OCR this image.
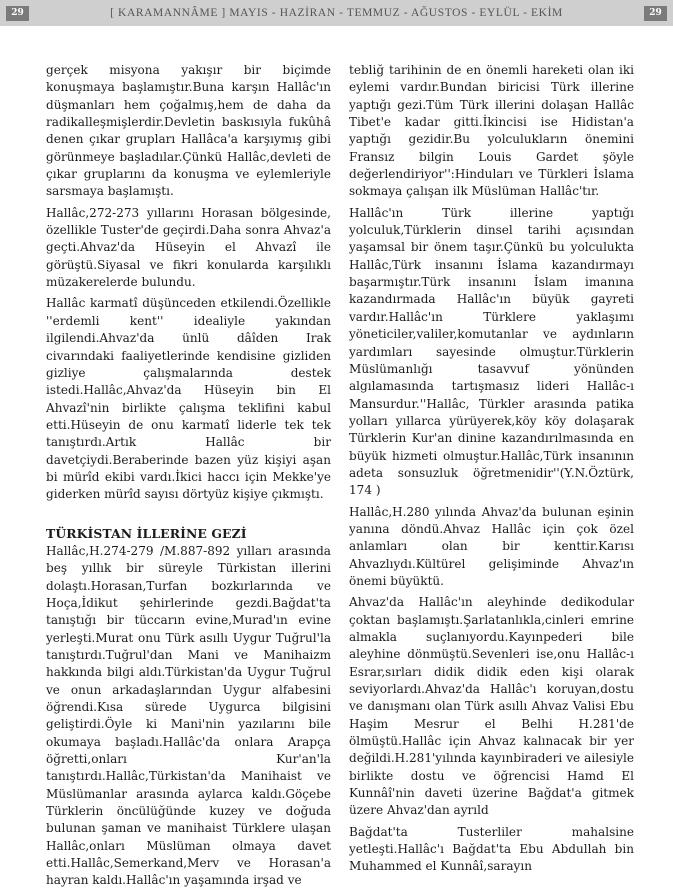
29	[ KARAMANNÂME ] MAYIS - HAZİRAN - TEMMUZ - AĞUSTOS - EYLÜL - EKİM	29

gerçek misyona yakışır bir biçimde konuşmaya başlamıştır.Buna karşın Hallâc'ın düşmanları hem çoğalmış,hem de daha da radikalleşmişlerdir.Devletin baskısıyla fukûhâ denen çıkar grupları Hallâca'a karşıymış gibi görünmeye başladılar.Çünkü Hallâc,devleti de çıkar gruplarını da konuşma ve eylemleriyle sarsmaya başlamıştı.

Hallâc,272-273 yıllarını Horasan bölgesinde, özellikle Tuster'de geçirdi.Daha sonra Ahvaz'a geçti.Ahvaz'da Hüseyin el Ahvazî ile görüştü.Siyasal ve fikri konularda karşılıklı müzakerelerde bulundu.

Hallâc karmatî düşünceden etkilendi.Özellikle ''erdemli kent'' idealiyle yakından ilgilendi.Ahvaz'da ünlü dâîden Irak civarındaki faaliyetlerinde kendisine gizliden gizliye çalışmalarında destek istedi.Hallâc,Ahvaz'da Hüseyin bin El Ahvazî'nin birlikte çalışma teklifini kabul etti.Hüseyin de onu karmatî liderle tek tek tanıştırdı.Artık Hallâc bir davetçiydi.Beraberinde bazen yüz kişiyi aşan bi mürîd ekibi vardı.İkici haccı için Mekke'ye giderken mürîd sayısı dörtyüz kişiye çıkmıştı.

TÜRKİSTAN İLLERİNE GEZİ

Hallâc,H.274-279 /M.887-892 yılları arasında beş yıllık bir süreyle Türkistan illerini dolaştı.Horasan,Turfan bozkırlarında ve Hoça,İdikut şehirlerinde gezdi.Bağdat'ta tanıştığı bir tüccarın evine,Murad'ın evine yerleşti.Murat onu Türk asıllı Uygur Tuğrul'la tanıştırdı.Tuğrul'dan Mani ve Manihaizm hakkında bilgi aldı.Türkistan'da Uygur Tuğrul ve onun arkadaşlarından Uygur alfabesini öğrendi.Kısa sürede Uygurca bilgisini geliştirdi.Öyle ki Mani'nin yazılarını bile okumaya başladı.Hallâc'da onlara Arapça öğretti,onları Kur'an'la tanıştırdı.Hallâc,Türkistan'da Manihaist ve Müslümanlar arasında aylarca kaldı.Göçebe Türklerin öncülüğünde kuzey ve doğuda bulunan şaman ve manihaist Türklere ulaşan Hallâc,onları Müslüman olmaya davet etti.Hallâc,Semerkand,Merv ve Horasan'a hayran kaldı.Hallâc'ın yaşamında irşad ve

tebliğ tarihinin de en önemli hareketi olan iki eylemi vardır.Bundan biricisi Türk illerine yaptığı gezi.Tüm Türk illerini dolaşan Hallâc Tibet'e kadar gitti.İkincisi ise Hidistan'a yaptığı gezidir.Bu yolculukların önemini Fransız bilgin Louis Gardet şöyle değerlendiriyor'':Hinduları ve Türkleri İslama sokmaya çalışan ilk Müslüman Hallâc'tır.

Hallâc'ın Türk illerine yaptığı yolculuk,Türklerin dinsel tarihi açısından yaşamsal bir önem taşır.Çünkü bu yolculukta Hallâc,Türk insanını İslama kazandırmayı başarmıştır.Türk insanını İslam imanına kazandırmada Hallâc'ın büyük gayreti vardır.Hallâc'ın Türklere yaklaşımı yöneticiler,valiler,komutanlar ve aydınların yardımları sayesinde olmuştur.Türklerin Müslümanlığı tasavvuf yönünden algılamasında tartışmasız lideri Hallâc-ı Mansurdur.''Hallâc, Türkler arasında patika yolları yıllarca yürüyerek,köy köy dolaşarak Türklerin Kur'an dinine kazandırılmasında en büyük hizmeti olmuştur.Hallâc,Türk insanının adeta sonsuzluk öğretmenidir''(Y.N.Öztürk, 174 )

Hallâc,H.280 yılında Ahvaz'da bulunan eşinin yanına döndü.Ahvaz Hallâc için çok özel anlamları olan bir kenttir.Karısı Ahvazlıydı.Kültürel gelişiminde Ahvaz'ın önemi büyüktü.

Ahvaz'da Hallâc'ın aleyhinde dedikodular çoktan başlamıştı.Şarlatanlıkla,cinleri emrine almakla suçlanıyordu.Kayınpederi bile aleyhine dönmüştü.Sevenleri ise,onu Hallâc-ı Esrar,sırları didik didik eden kişi olarak seviyorlardı.Ahvaz'da Hallâc'ı koruyan,dostu ve danışmanı olan Türk asıllı Ahvaz Valisi Ebu Haşim Mesrur el Belhi H.281'de ölmüştü.Hallâc için Ahvaz kalınacak bir yer değildi.H.281'yılında kayınbiraderi ve ailesiyle birlikte dostu ve öğrencisi Hamd El Kunnâî'nin daveti üzerine Bağdat'a gitmek üzere Ahvaz'dan ayrıld

Bağdat'ta Tusterliler mahalsine yetleşti.Hallâc'ı Bağdat'ta Ebu Abdullah bin Muhammed el Kunnâî,sarayın
